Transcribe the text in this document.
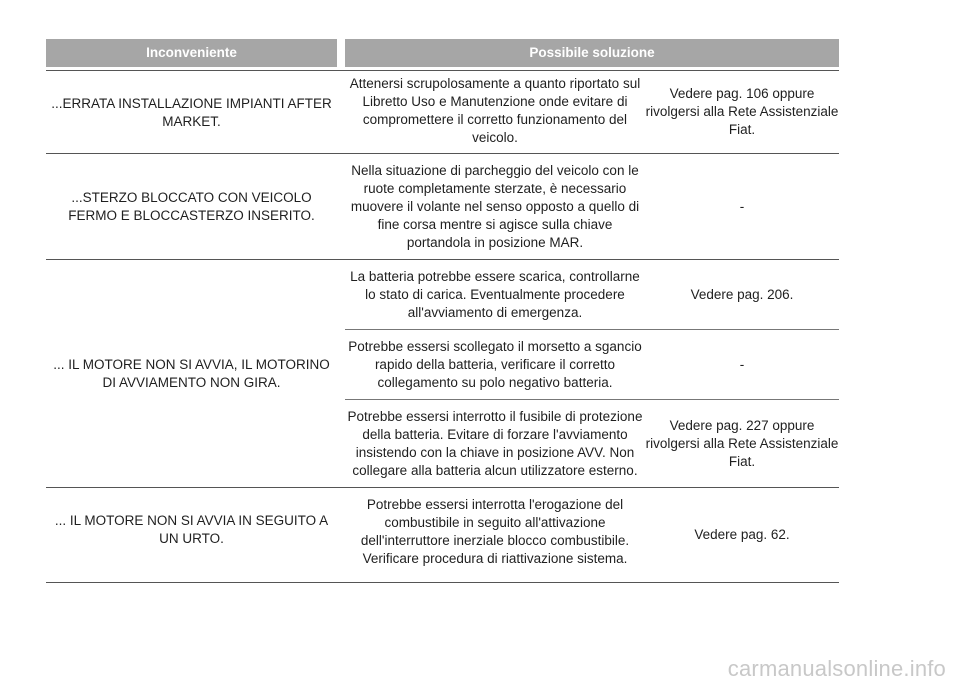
Inconveniente	Possibile soluzione
...ERRATA INSTALLAZIONE IMPIANTI AFTER MARKET.
Attenersi scrupolosamente a quanto riportato sul Libretto Uso e Manutenzione onde evitare di compromettere il corretto funzionamento del veicolo.
Vedere pag. 106 oppure rivolgersi alla Rete Assistenziale Fiat.
...STERZO BLOCCATO CON VEICOLO FERMO E BLOCCASTERZO INSERITO.
Nella situazione di parcheggio del veicolo con le ruote completamente sterzate, è necessario muovere il volante nel senso opposto a quello di fine corsa mentre si agisce sulla chiave portandola in posizione MAR.
-
... IL MOTORE NON SI AVVIA, IL MOTORINO DI AVVIAMENTO NON GIRA.
La batteria potrebbe essere scarica, controllarne lo stato di carica. Eventualmente procedere all'avviamento di emergenza.
Vedere pag. 206.
Potrebbe essersi scollegato il morsetto a sgancio rapido della batteria, verificare il corretto collegamento su polo negativo batteria.
-
Potrebbe essersi interrotto il fusibile di protezione della batteria. Evitare di forzare l'avviamento insistendo con la chiave in posizione AVV. Non collegare alla batteria alcun utilizzatore esterno.
Vedere pag. 227 oppure rivolgersi alla Rete Assistenziale Fiat.
... IL MOTORE NON SI AVVIA IN SEGUITO A UN URTO.
Potrebbe essersi interrotta l'erogazione del combustibile in seguito all'attivazione dell'interruttore inerziale blocco combustibile. Verificare procedura di riattivazione sistema.
Vedere pag. 62.
carmanualsonline.info
